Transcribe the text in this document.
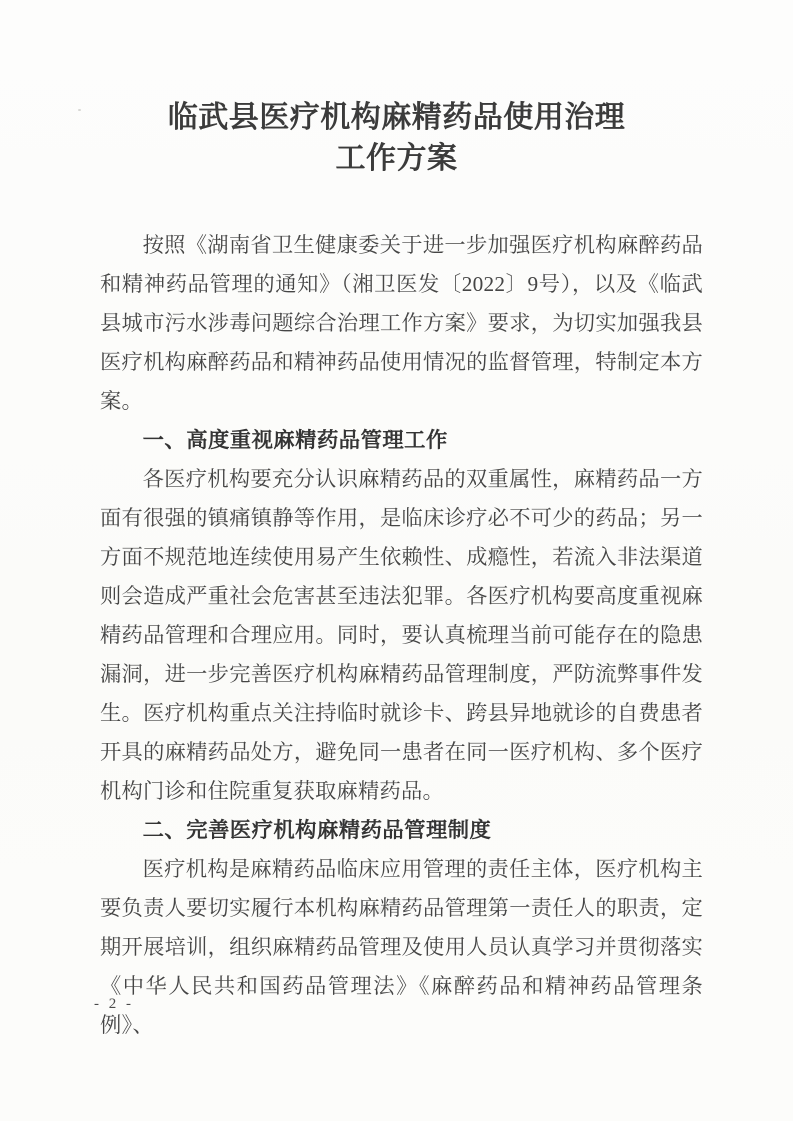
临武县医疗机构麻精药品使用治理
工作方案

按照《湖南省卫生健康委关于进一步加强医疗机构麻醉药品和精神药品管理的通知》（湘卫医发〔2022〕9号），以及《临武县城市污水涉毒问题综合治理工作方案》要求，为切实加强我县医疗机构麻醉药品和精神药品使用情况的监督管理，特制定本方案。

一、高度重视麻精药品管理工作

各医疗机构要充分认识麻精药品的双重属性，麻精药品一方面有很强的镇痛镇静等作用，是临床诊疗必不可少的药品；另一方面不规范地连续使用易产生依赖性、成瘾性，若流入非法渠道则会造成严重社会危害甚至违法犯罪。各医疗机构要高度重视麻精药品管理和合理应用。同时，要认真梳理当前可能存在的隐患漏洞，进一步完善医疗机构麻精药品管理制度，严防流弊事件发生。医疗机构重点关注持临时就诊卡、跨县异地就诊的自费患者开具的麻精药品处方，避免同一患者在同一医疗机构、多个医疗机构门诊和住院重复获取麻精药品。

二、完善医疗机构麻精药品管理制度

医疗机构是麻精药品临床应用管理的责任主体，医疗机构主要负责人要切实履行本机构麻精药品管理第一责任人的职责，定期开展培训，组织麻精药品管理及使用人员认真学习并贯彻落实《中华人民共和国药品管理法》《麻醉药品和精神药品管理条例》、

- 2 -
